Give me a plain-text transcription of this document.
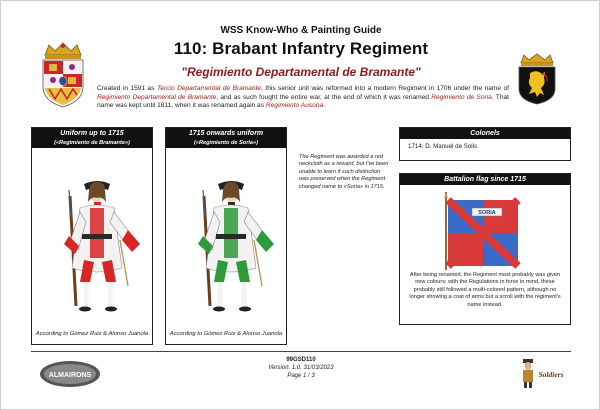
WSS Know-Who & Painting Guide
110: Brabant Infantry Regiment
"Regimiento Departamental de Bramante"
Created in 1591 as Tercio Departamental de Bramante, this senior unit was reformed into a modern Regiment in 1706 under the name of Regimiento Departamental de Bramante, and as such fought the entire war, at the end of which it was renamed Regimiento de Soria. That name was kept until 1811, when it was renamed again as Regimiento Ausona.
Uniform up to 1715
(«Regimiento de Bramante»)
According to Gómez Ruiz & Alonso Juanola
1715 onwards uniform
(«Regimiento de Soria»)
According to Gómez Ruiz & Alonso Juanola
The Regiment was awarded a red neckcloth as a reward, but I've been unable to learn if such distinction was preserved when the Regiment changed name to «Soria» in 1715.
Colonels
1714: D. Manuel de Solis
Battalion flag since 1715
SORIA
After being renamed, the Regiment most probably was given new colours; with the Regulations in force in mind, these probably still followed a multi-colored pattern, although no longer showing a coat of arms but a scroll with the regiment's name instead.
99GSD110
Version: 1.0, 31/03/2023
Page 1 / 3
ALMAIRONS	Soldiers
